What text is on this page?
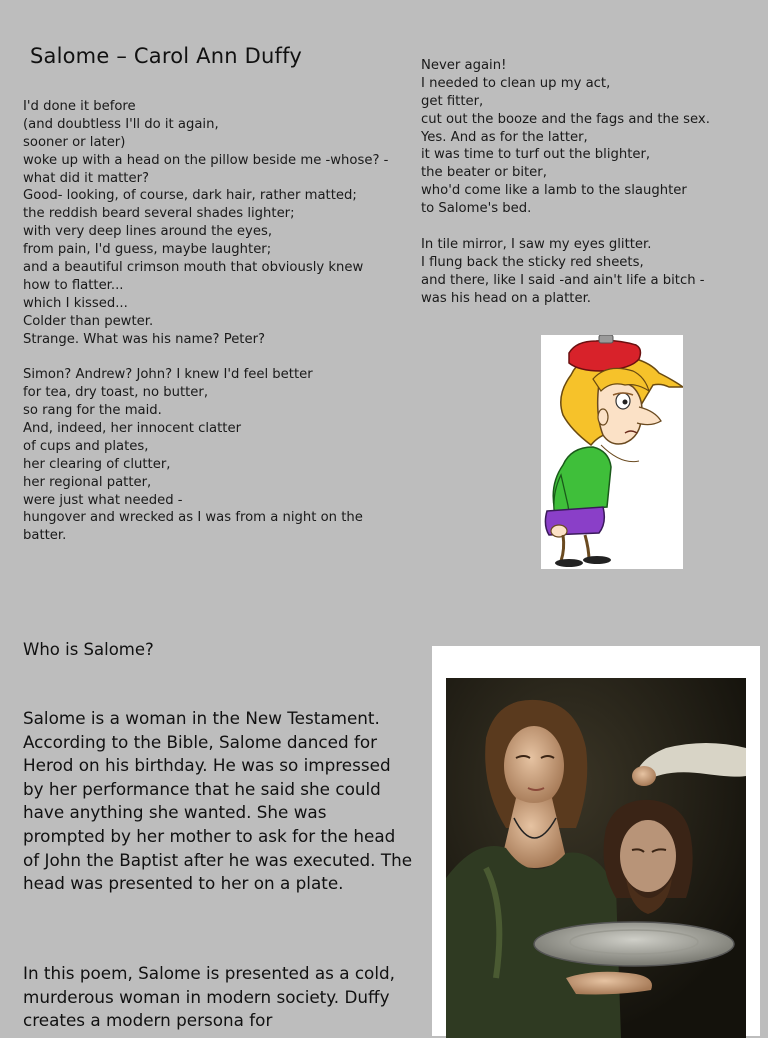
Salome – Carol Ann Duffy
I'd done it before
(and doubtless I'll do it again,
sooner or later)
woke up with a head on the pillow beside me -whose? -
what did it matter?
Good- looking, of course, dark hair, rather matted;
the reddish beard several shades lighter;
with very deep lines around the eyes,
from pain, I'd guess, maybe laughter;
and a beautiful crimson mouth that obviously knew
how to flatter...
which I kissed...
Colder than pewter.
Strange. What was his name? Peter?
Simon? Andrew? John? I knew I'd feel better
for tea, dry toast, no butter,
so rang for the maid.
And, indeed, her innocent clatter
of cups and plates,
her clearing of clutter,
her regional patter,
were just what needed -
hungover and wrecked as I was from a night on the
batter.
Never again!
I needed to clean up my act,
get fitter,
cut out the booze and the fags and the sex.
Yes. And as for the latter,
it was time to turf out the blighter,
the beater or biter,
who'd come like a lamb to the slaughter
to Salome's bed.
In tile mirror, I saw my eyes glitter.
I flung back the sticky red sheets,
and there, like I said -and ain't life a bitch -
was his head on a platter.
Who is Salome?
Salome is a woman in the New Testament. According to the Bible, Salome danced for Herod on his birthday. He was so impressed by her performance that he said she could have anything she wanted. She was prompted by her mother to ask for the head of John the Baptist after he was executed. The head was presented to her on a plate.
In this poem, Salome is presented as a cold, murderous woman in modern society. Duffy creates a modern persona for
